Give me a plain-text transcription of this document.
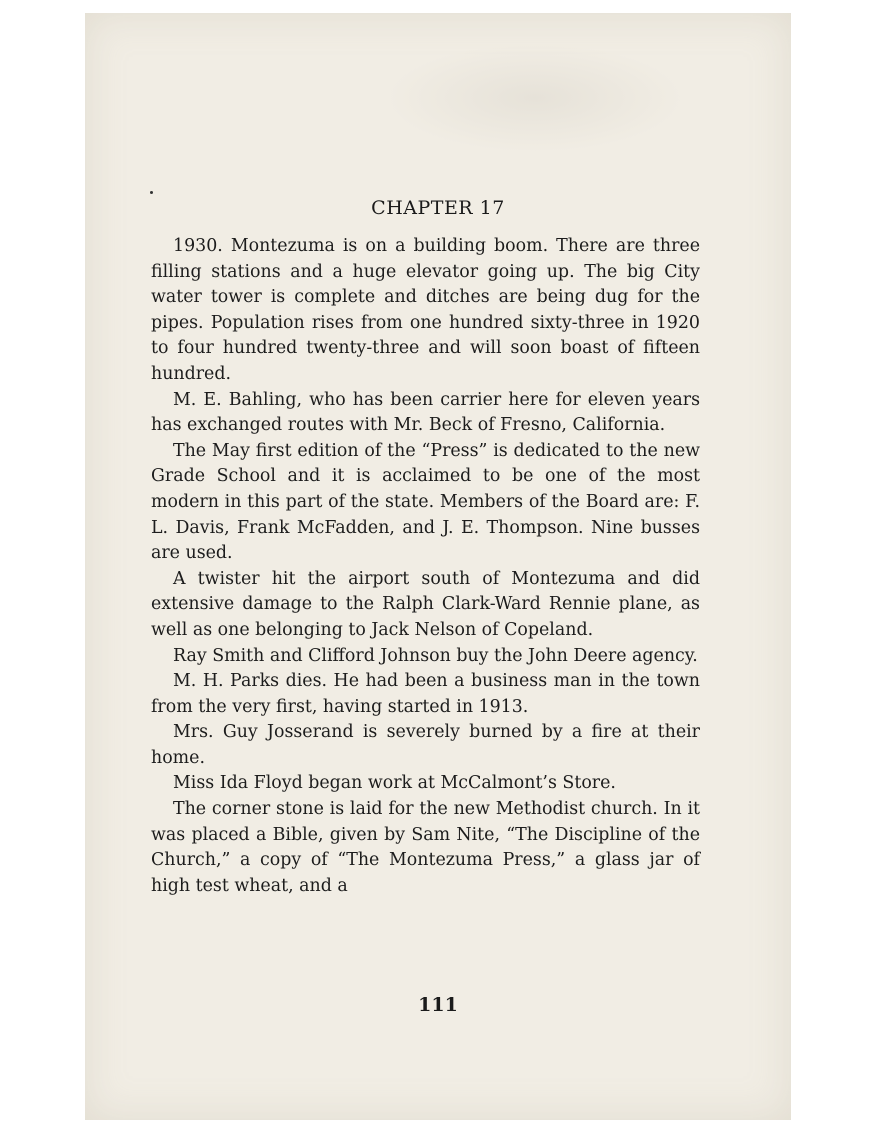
CHAPTER 17

1930. Montezuma is on a building boom. There are three filling stations and a huge elevator going up. The big City water tower is complete and ditches are being dug for the pipes. Population rises from one hundred sixty-three in 1920 to four hundred twenty-three and will soon boast of fifteen hundred.

M. E. Bahling, who has been carrier here for eleven years has exchanged routes with Mr. Beck of Fresno, California.

The May first edition of the “Press” is dedicated to the new Grade School and it is acclaimed to be one of the most modern in this part of the state. Members of the Board are: F. L. Davis, Frank McFadden, and J. E. Thompson. Nine busses are used.

A twister hit the airport south of Montezuma and did extensive damage to the Ralph Clark-Ward Rennie plane, as well as one belonging to Jack Nelson of Copeland.

Ray Smith and Clifford Johnson buy the John Deere agency.

M. H. Parks dies. He had been a business man in the town from the very first, having started in 1913.

Mrs. Guy Josserand is severely burned by a fire at their home.

Miss Ida Floyd began work at McCalmont’s Store.

The corner stone is laid for the new Methodist church. In it was placed a Bible, given by Sam Nite, “The Discipline of the Church,” a copy of “The Montezuma Press,” a glass jar of high test wheat, and a

111
